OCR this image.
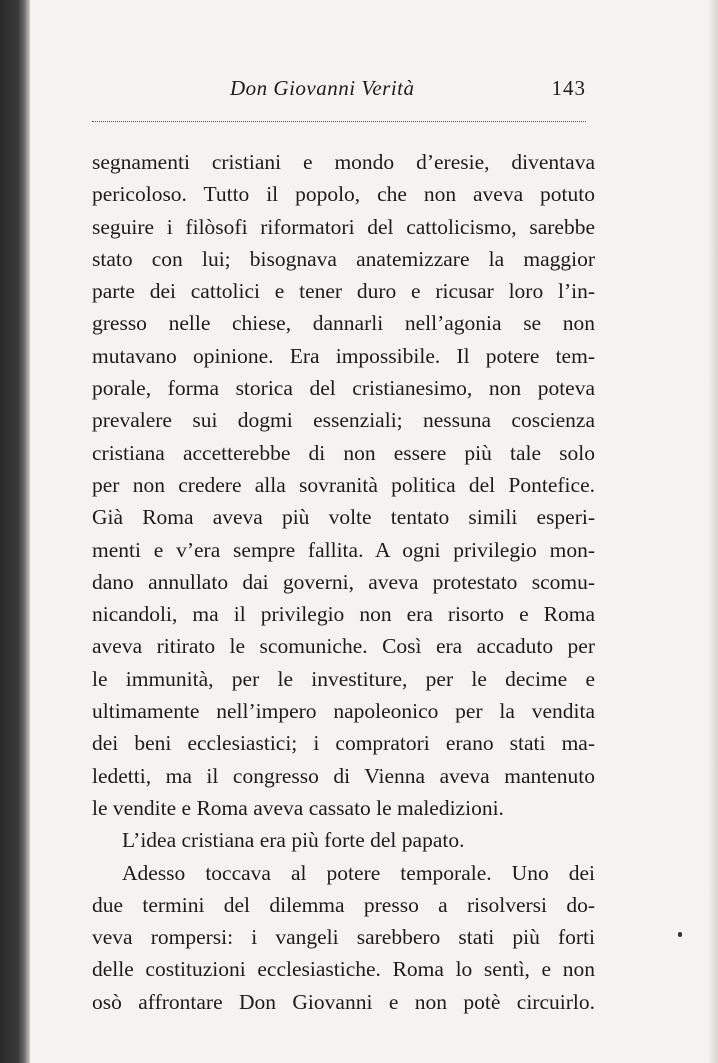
Don Giovanni Verità	143
segnamenti cristiani e mondo d’eresie, diventava
pericoloso. Tutto il popolo, che non aveva potuto
seguire i filòsofi riformatori del cattolicismo, sarebbe
stato con lui; bisognava anatemizzare la maggior
parte dei cattolici e tener duro e ricusar loro l’in-
gresso nelle chiese, dannarli nell’agonia se non
mutavano opinione. Era impossibile. Il potere tem-
porale, forma storica del cristianesimo, non poteva
prevalere sui dogmi essenziali; nessuna coscienza
cristiana accetterebbe di non essere più tale solo
per non credere alla sovranità politica del Pontefice.
Già Roma aveva più volte tentato simili esperi-
menti e v’era sempre fallita. A ogni privilegio mon-
dano annullato dai governi, aveva protestato scomu-
nicandoli, ma il privilegio non era risorto e Roma
aveva ritirato le scomuniche. Così era accaduto per
le immunità, per le investiture, per le decime e
ultimamente nell’impero napoleonico per la vendita
dei beni ecclesiastici; i compratori erano stati ma-
ledetti, ma il congresso di Vienna aveva mantenuto
le vendite e Roma aveva cassato le maledizioni.
L’idea cristiana era più forte del papato.
Adesso toccava al potere temporale. Uno dei
due termini del dilemma presso a risolversi do-
veva rompersi: i vangeli sarebbero stati più forti
delle costituzioni ecclesiastiche. Roma lo sentì, e non
osò affrontare Don Giovanni e non potè circuirlo.
